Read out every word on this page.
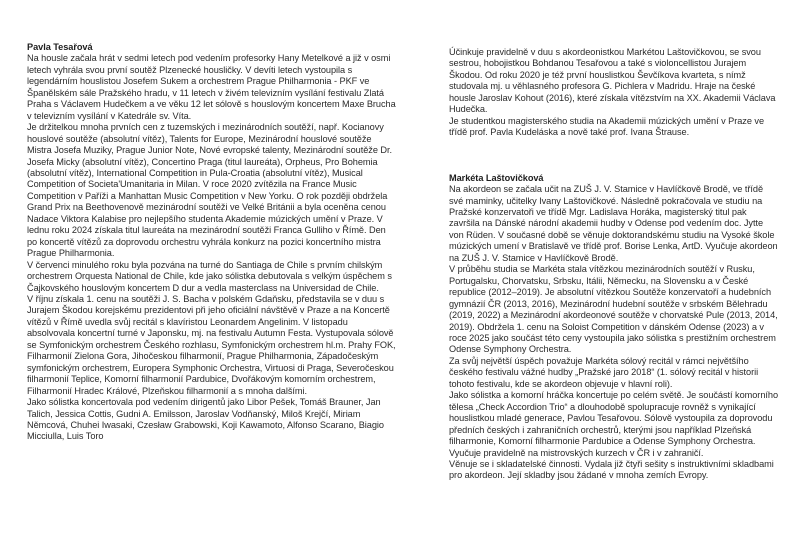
Pavla Tesařová

Na housle začala hrát v sedmi letech pod vedením profesorky Hany Metelkové a již v osmi letech vyhrála svou první soutěž Plzenecké housličky. V devíti letech vystoupila s legendárním houslistou Josefem Sukem a orchestrem Prague Philharmonia - PKF ve Španělském sále Pražského hradu, v 11 letech v živém televizním vysílání festivalu Zlatá Praha s Václavem Hudečkem a ve věku 12 let sólově s houslovým koncertem Maxe Brucha v televizním vysílání v Katedrále sv. Víta.

Je držitelkou mnoha prvních cen z tuzemských i mezinárodních soutěží, např. Kocianovy houslové soutěže (absolutní vítěz), Talents for Europe, Mezinárodní houslové soutěže Mistra Josefa Muziky, Prague Junior Note, Nové evropské talenty, Mezinárodní soutěže Dr. Josefa Micky (absolutní vítěz), Concertino Praga (titul laureáta), Orpheus, Pro Bohemia (absolutní vítěz), International Competition in Pula-Croatia (absolutní vítěz), Musical Competition of Societa'Umanitaria in Milan. V roce 2020 zvítězila na France Music Competition v Paříži a Manhattan Music Competition v New Yorku. O rok později obdržela Grand Prix na Beethovenově mezinárodní soutěži ve Velké Británii a byla oceněna cenou Nadace Viktora Kalabise pro nejlepšího studenta Akademie múzických umění v Praze. V lednu roku 2024 získala titul laureáta na mezinárodní soutěži Franca Gulliho v Římě. Den po koncertě vítězů za doprovodu orchestru vyhrála konkurz na pozici koncertního mistra Prague Philharmonia.

V červenci minulého roku byla pozvána na turné do Santiaga de Chile s prvním chilským orchestrem Orquesta National de Chile, kde jako sólistka debutovala s velkým úspěchem s Čajkovského houslovým koncertem D dur a vedla masterclass na Universidad de Chile.

V říjnu získala 1. cenu na soutěži J. S. Bacha v polském Gdaňsku, představila se v duu s Jurajem Škodou korejskému prezidentovi při jeho oficiální návštěvě v Praze a na Koncertě vítězů v Římě uvedla svůj recitál s klavíristou Leonardem Angelinim. V listopadu absolvovala koncertní turné v Japonsku, mj. na festivalu Autumn Festa. Vystupovala sólově se Symfonickým orchestrem Českého rozhlasu, Symfonickým orchestrem hl.m. Prahy FOK, Filharmonií Zielona Gora, Jihočeskou filharmonií, Prague Philharmonia, Západočeským symfonickým orchestrem, Europera Symphonic Orchestra, Virtuosi di Praga, Severočeskou filharmonií Teplice, Komorní filharmonií Pardubice, Dvořákovým komorním orchestrem, Filharmonií Hradec Králové, Plzeňskou filharmonií a s mnoha dalšími.

Jako sólistka koncertovala pod vedením dirigentů jako Libor Pešek, Tomáš Brauner, Jan Talich, Jessica Cottis, Gudni A. Emilsson, Jaroslav Vodňanský, Miloš Krejčí, Miriam Němcová, Chuhei Iwasaki, Czesław Grabowski, Koji Kawamoto, Alfonso Scarano, Biagio Micciulla, Luis Toro

Účinkuje pravidelně v duu s akordeonistkou Markétou Laštovičkovou, se svou sestrou, hobojistkou Bohdanou Tesařovou a také s violoncellistou Jurajem Škodou. Od roku 2020 je též první houslistkou Ševčíkova kvarteta, s nímž studovala mj. u věhlasného profesora G. Pichlera v Madridu. Hraje na české housle Jaroslav Kohout (2016), které získala vítězstvím na XX. Akademii Václava Hudečka.

Je studentkou magisterského studia na Akademii múzických umění v Praze ve třídě prof. Pavla Kudeláska a nově také prof. Ivana Štrause.

Markéta Laštovičková

Na akordeon se začala učit na ZUŠ J. V. Stamice v Havlíčkově Brodě, ve třídě své maminky, učitelky Ivany Laštovičkové. Následně pokračovala ve studiu na Pražské konzervatoři ve třídě Mgr. Ladislava Horáka, magisterský titul pak završila na Dánské národní akademii hudby v Odense pod vedením doc. Jytte von Rüden. V současné době se věnuje doktorandskému studiu na Vysoké škole múzických umení v Bratislavě ve třídě prof. Borise Lenka, ArtD. Vyučuje akordeon na ZUŠ J. V. Stamice v Havlíčkově Brodě.

V průběhu studia se Markéta stala vítězkou mezinárodních soutěží v Rusku, Portugalsku, Chorvatsku, Srbsku, Itálii, Německu, na Slovensku a v České republice (2012–2019). Je absolutní vítězkou Soutěže konzervatoří a hudebních gymnázií ČR (2013, 2016), Mezinárodní hudební soutěže v srbském Bělehradu (2019, 2022) a Mezinárodní akordeonové soutěže v chorvatské Pule (2013, 2014, 2019). Obdržela 1. cenu na Soloist Competition v dánském Odense (2023) a v roce 2025 jako součást této ceny vystoupila jako sólistka s prestižním orchestrem Odense Symphony Orchestra.

Za svůj největší úspěch považuje Markéta sólový recitál v rámci největšího českého festivalu vážné hudby „Pražské jaro 2018“ (1. sólový recitál v historii tohoto festivalu, kde se akordeon objevuje v hlavní roli).

Jako sólistka a komorní hráčka koncertuje po celém světě. Je součástí komorního tělesa „Check Accordion Trio“ a dlouhodobě spolupracuje rovněž s vynikající houslistkou mladé generace, Pavlou Tesařovou. Sólově vystoupila za doprovodu předních českých i zahraničních orchestrů, kterými jsou například Plzeňská filharmonie, Komorní filharmonie Pardubice a Odense Symphony Orchestra. Vyučuje pravidelně na mistrovských kurzech v ČR i v zahraničí.

Věnuje se i skladatelské činnosti. Vydala již čtyři sešity s instruktivními skladbami pro akordeon. Její skladby jsou žádané v mnoha zemích Evropy.
